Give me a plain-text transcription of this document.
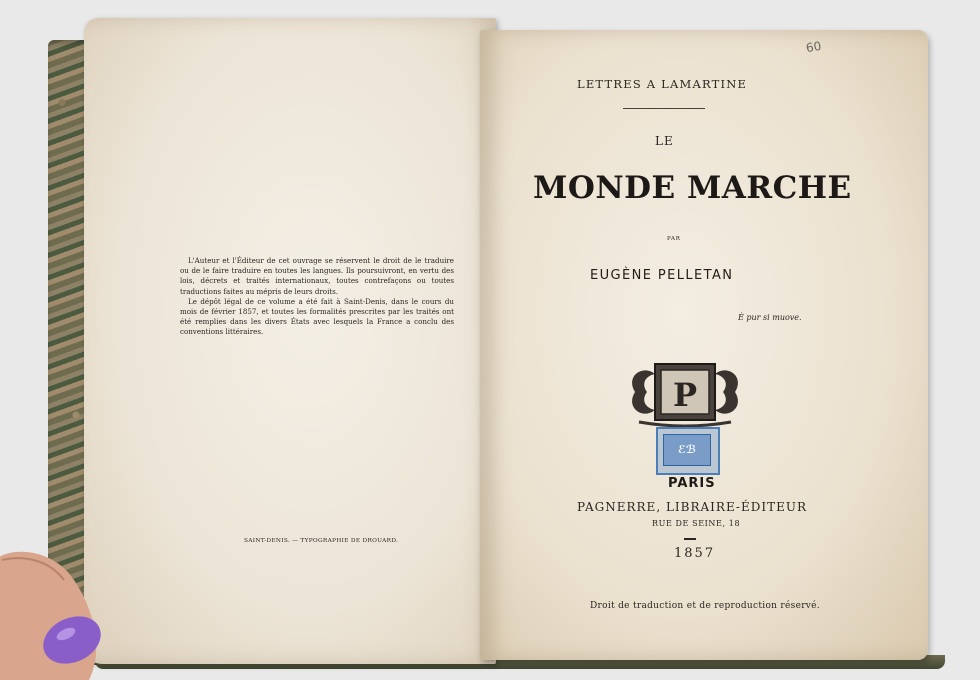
L'Auteur et l'Éditeur de cet ouvrage se réservent le droit de le traduire ou de le faire traduire en toutes les langues. Ils poursuivront, en vertu des lois, décrets et traités internationaux, toutes contrefaçons ou toutes traductions faites au mépris de leurs droits.

Le dépôt légal de ce volume a été fait à Saint-Denis, dans le cours du mois de février 1857, et toutes les formalités prescrites par les traités ont été remplies dans les divers États avec lesquels la France a conclu des conventions littéraires.

SAINT-DENIS. — TYPOGRAPHIE DE DROUARD.
60
LETTRES A LAMARTINE
LE
MONDE MARCHE
PAR
EUGÈNE PELLETAN
È pur si muove.
P
ℰℬ
PARIS
PAGNERRE, LIBRAIRE-ÉDITEUR
RUE DE SEINE, 18
1857
Droit de traduction et de reproduction réservé.
